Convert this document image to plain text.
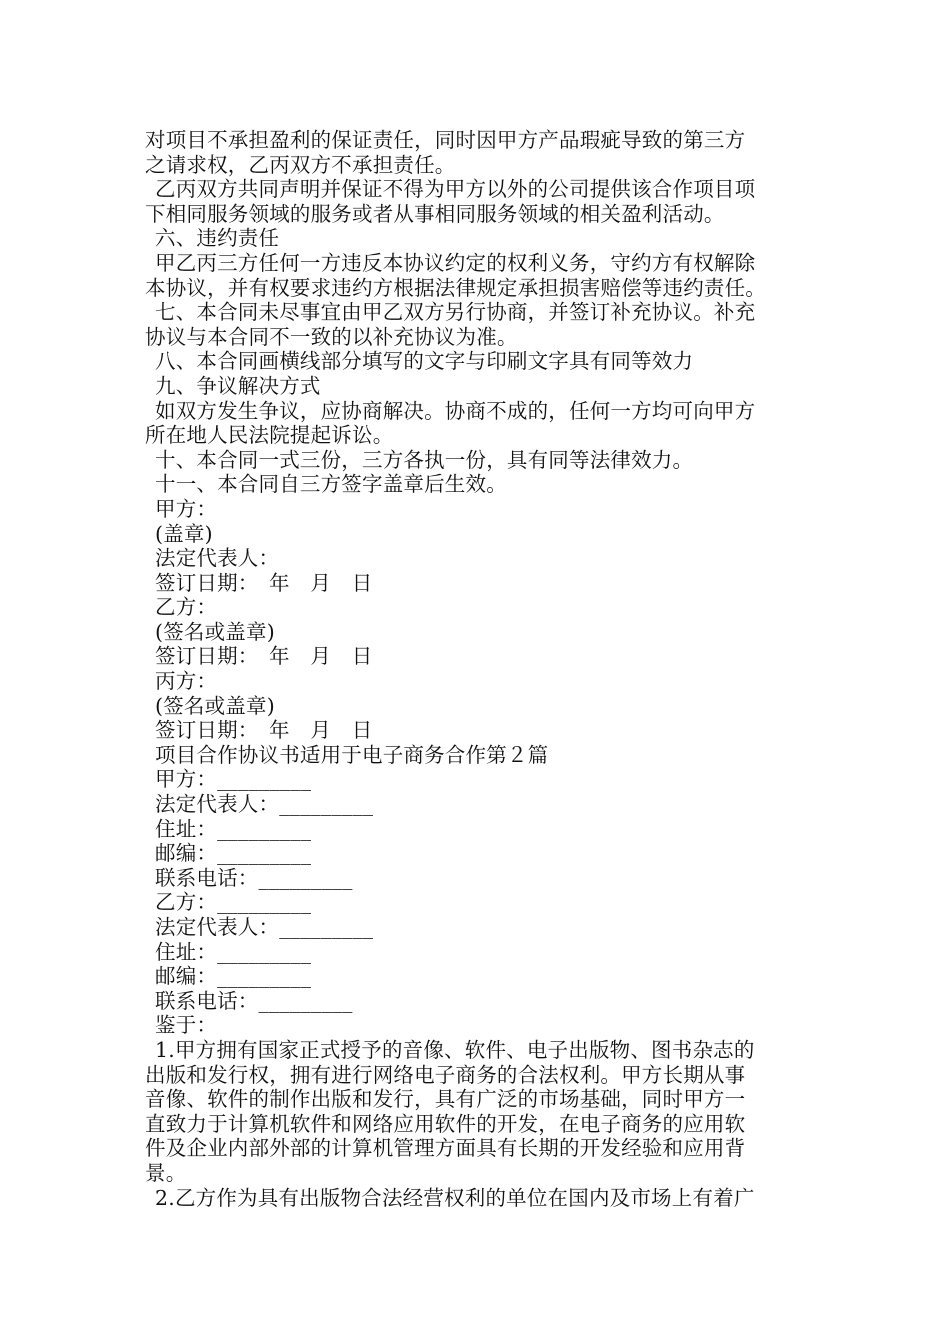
对项目不承担盈利的保证责任，同时因甲方产品瑕疵导致的第三方
之请求权，乙丙双方不承担责任。
乙丙双方共同声明并保证不得为甲方以外的公司提供该合作项目项
下相同服务领域的服务或者从事相同服务领域的相关盈利活动。
六、违约责任
甲乙丙三方任何一方违反本协议约定的权利义务，守约方有权解除
本协议，并有权要求违约方根据法律规定承担损害赔偿等违约责任。
七、本合同未尽事宜由甲乙双方另行协商，并签订补充协议。补充
协议与本合同不一致的以补充协议为准。
八、本合同画横线部分填写的文字与印刷文字具有同等效力
九、争议解决方式
如双方发生争议，应协商解决。协商不成的，任何一方均可向甲方
所在地人民法院提起诉讼。
十、本合同一式三份，三方各执一份，具有同等法律效力。
十一、本合同自三方签字盖章后生效。
甲方：
(盖章)
法定代表人：
签订日期：　年　月　日
乙方：
(签名或盖章)
签订日期：　年　月　日
丙方：
(签名或盖章)
签订日期：　年　月　日
项目合作协议书适用于电子商务合作第２篇
甲方：_________
法定代表人：_________
住址：_________
邮编：_________
联系电话：_________
乙方：_________
法定代表人：_________
住址：_________
邮编：_________
联系电话：_________
鉴于：
1.甲方拥有国家正式授予的音像、软件、电子出版物、图书杂志的
出版和发行权，拥有进行网络电子商务的合法权利。甲方长期从事
音像、软件的制作出版和发行，具有广泛的市场基础，同时甲方一
直致力于计算机软件和网络应用软件的开发，在电子商务的应用软
件及企业内部外部的计算机管理方面具有长期的开发经验和应用背
景。
2.乙方作为具有出版物合法经营权利的单位在国内及市场上有着广
